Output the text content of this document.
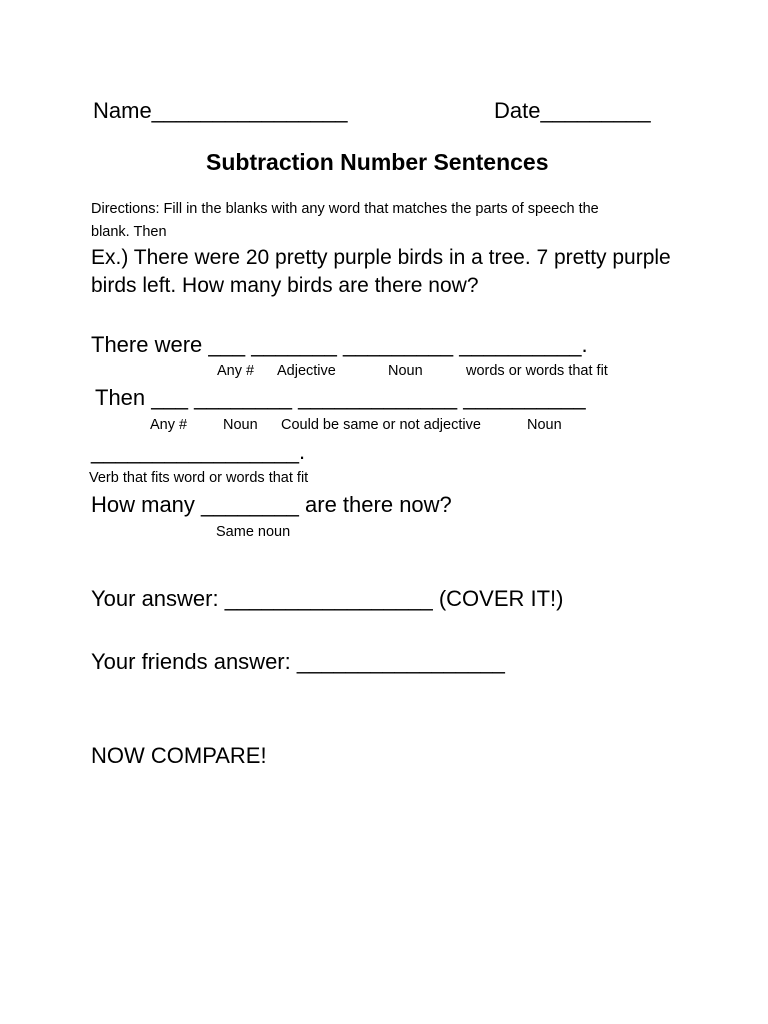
Name________________	Date_________
Subtraction Number Sentences
Directions: Fill in the blanks with any word that matches the parts of speech the
blank. Then
Ex.) There were 20 pretty purple birds in a tree. 7 pretty purple
birds left. How many birds are there now?
There were ___ _______ _________ __________.
Any # Adjective	Noun	words or words that fit
Then ___ ________ _____________ __________
Any # Noun Could be same or not adjective	Noun
_________________.
Verb that fits word or words that fit
How many ________ are there now?
Same noun
Your answer: _________________ (COVER IT!)
Your friends answer: _________________
NOW COMPARE!
